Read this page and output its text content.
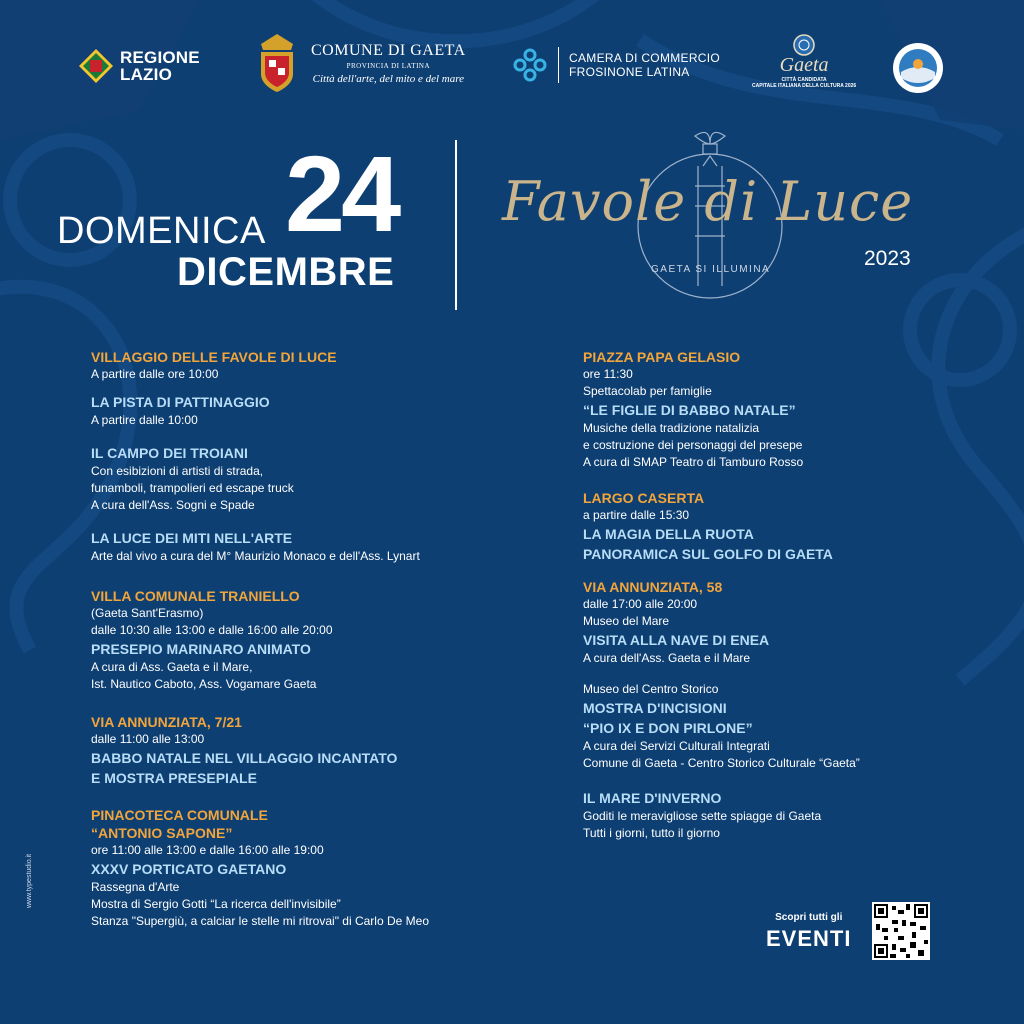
REGIONE
LAZIO
COMUNE DI GAETA
PROVINCIA DI LATINA
Città dell'arte, del mito e del mare
CAMERA DI COMMERCIO
FROSINONE LATINA	Gaeta
CITTÀ CANDIDATA
CAPITALE ITALIANA DELLA CULTURA 2026
DOMENICA 24
DICEMBRE
Favole di Luce
GAETA SI ILLUMINA	2023
VILLAGGIO DELLE FAVOLE DI LUCE
A partire dalle ore 10:00
LA PISTA DI PATTINAGGIO
A partire dalle 10:00
IL CAMPO DEI TROIANI
Con esibizioni di artisti di strada,
funamboli, trampolieri ed escape truck
A cura dell'Ass. Sogni e Spade
LA LUCE DEI MITI NELL'ARTE
Arte dal vivo a cura del M° Maurizio Monaco e dell'Ass. Lynart
VILLA COMUNALE TRANIELLO
(Gaeta Sant'Erasmo)
dalle 10:30 alle 13:00 e dalle 16:00 alle 20:00
PRESEPIO MARINARO ANIMATO
A cura di Ass. Gaeta e il Mare,
Ist. Nautico Caboto, Ass. Vogamare Gaeta
VIA ANNUNZIATA, 7/21
dalle 11:00 alle 13:00
BABBO NATALE NEL VILLAGGIO INCANTATO
E MOSTRA PRESEPIALE
PINACOTECA COMUNALE
“ANTONIO SAPONE”
ore 11:00 alle 13:00 e dalle 16:00 alle 19:00
XXXV PORTICATO GAETANO
Rassegna d'Arte
Mostra di Sergio Gotti “La ricerca dell'invisibile”
Stanza "Supergiù, a calciar le stelle mi ritrovai" di Carlo De Meo
PIAZZA PAPA GELASIO
ore 11:30
Spettacolab per famiglie
“LE FIGLIE DI BABBO NATALE”
Musiche della tradizione natalizia
e costruzione dei personaggi del presepe
A cura di SMAP Teatro di Tamburo Rosso
LARGO CASERTA
a partire dalle 15:30
LA MAGIA DELLA RUOTA
PANORAMICA SUL GOLFO DI GAETA
VIA ANNUNZIATA, 58
dalle 17:00 alle 20:00
Museo del Mare
VISITA ALLA NAVE DI ENEA
A cura dell'Ass. Gaeta e il Mare
Museo del Centro Storico
MOSTRA D'INCISIONI
“PIO IX E DON PIRLONE”
A cura dei Servizi Culturali Integrati
Comune di Gaeta - Centro Storico Culturale “Gaeta”
IL MARE D'INVERNO
Goditi le meravigliose sette spiagge di Gaeta
Tutti i giorni, tutto il giorno
Scopri tutti gli
EVENTI
www.typestudio.it
